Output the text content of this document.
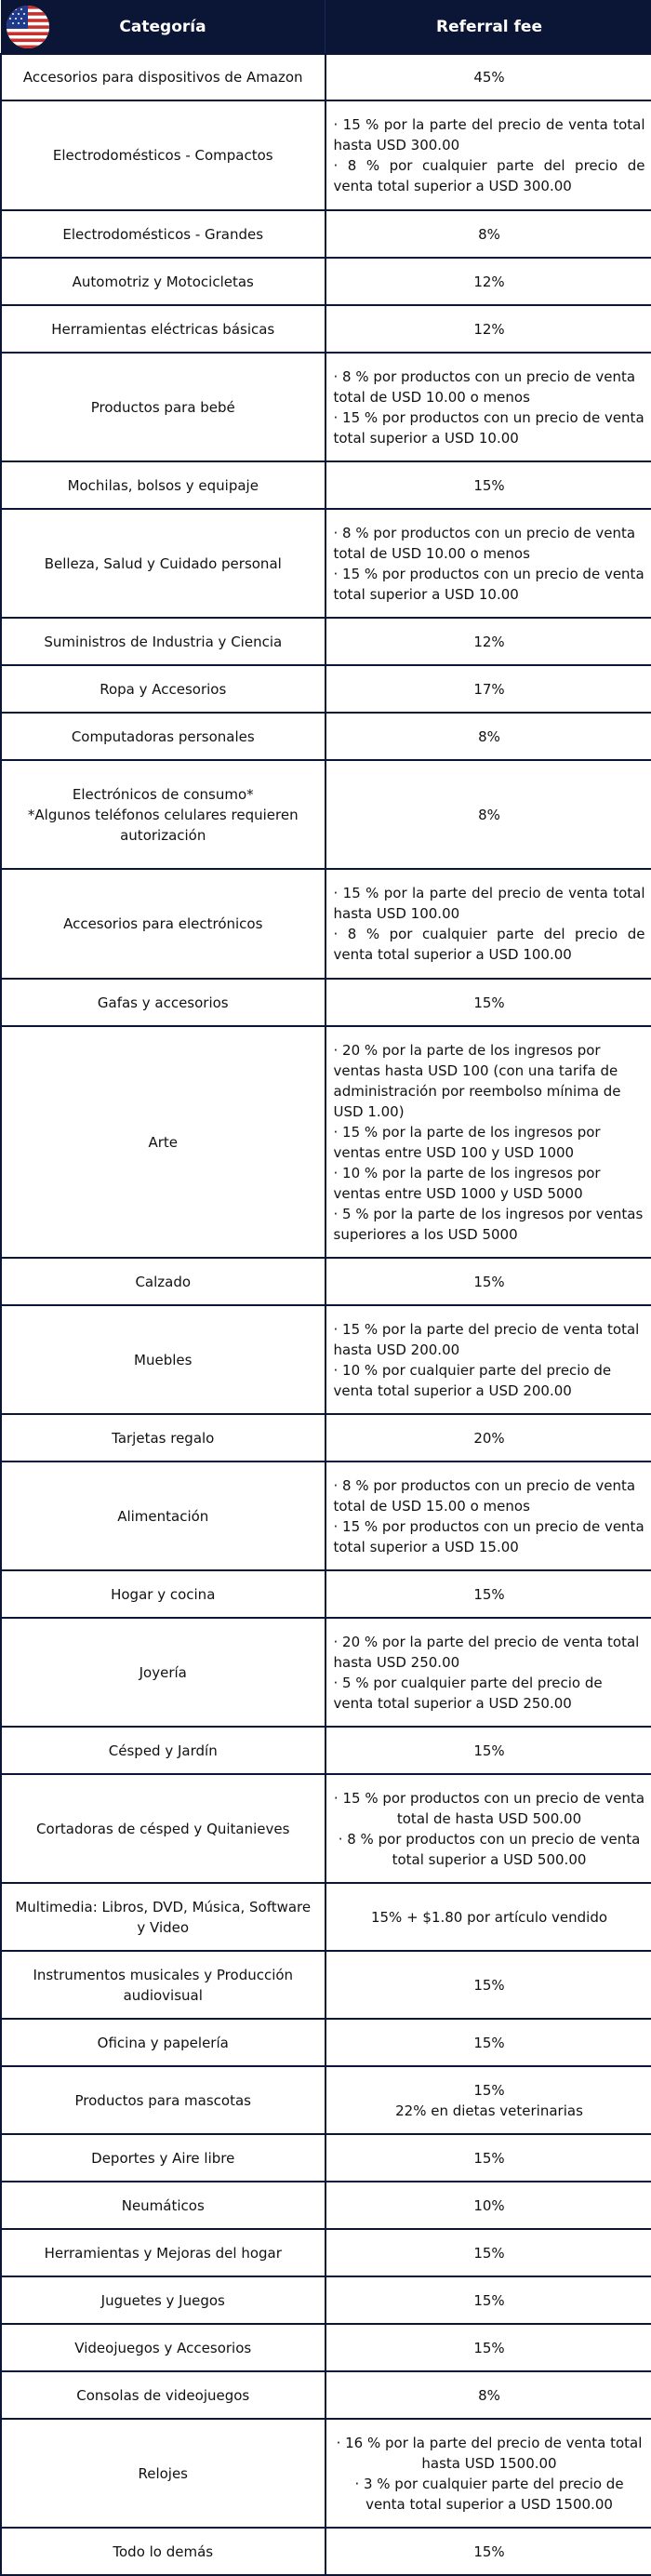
Categoría	Referral fee

Accesorios para dispositivos de Amazon	45%

Electrodomésticos - Compactos	· 15 % por la parte del precio de venta total hasta USD 300.00
· 8 % por cualquier parte del precio de venta total superior a USD 300.00

Electrodomésticos - Grandes	8%

Automotriz y Motocicletas	12%

Herramientas eléctricas básicas	12%

Productos para bebé	· 8 % por productos con un precio de venta total de USD 10.00 o menos
· 15 % por productos con un precio de venta total superior a USD 10.00

Mochilas, bolsos y equipaje	15%

Belleza, Salud y Cuidado personal	· 8 % por productos con un precio de venta total de USD 10.00 o menos
· 15 % por productos con un precio de venta total superior a USD 10.00

Suministros de Industria y Ciencia	12%

Ropa y Accesorios	17%

Computadoras personales	8%

Electrónicos de consumo*
*Algunos teléfonos celulares requieren autorización	8%

Accesorios para electrónicos	· 15 % por la parte del precio de venta total hasta USD 100.00
· 8 % por cualquier parte del precio de venta total superior a USD 100.00

Gafas y accesorios	15%

Arte	· 20 % por la parte de los ingresos por ventas hasta USD 100 (con una tarifa de administración por reembolso mínima de USD 1.00)
· 15 % por la parte de los ingresos por ventas entre USD 100 y USD 1000
· 10 % por la parte de los ingresos por ventas entre USD 1000 y USD 5000
· 5 % por la parte de los ingresos por ventas superiores a los USD 5000

Calzado	15%

Muebles	· 15 % por la parte del precio de venta total hasta USD 200.00
· 10 % por cualquier parte del precio de venta total superior a USD 200.00

Tarjetas regalo	20%

Alimentación	· 8 % por productos con un precio de venta total de USD 15.00 o menos
· 15 % por productos con un precio de venta total superior a USD 15.00

Hogar y cocina	15%

Joyería	· 20 % por la parte del precio de venta total hasta USD 250.00
· 5 % por cualquier parte del precio de venta total superior a USD 250.00

Césped y Jardín	15%

Cortadoras de césped y Quitanieves	· 15 % por productos con un precio de venta total de hasta USD 500.00
· 8 % por productos con un precio de venta total superior a USD 500.00

Multimedia: Libros, DVD, Música, Software y Video	15% + $1.80 por artículo vendido

Instrumentos musicales y Producción audiovisual	15%

Oficina y papelería	15%

Productos para mascotas	15%
22% en dietas veterinarias

Deportes y Aire libre	15%

Neumáticos	10%

Herramientas y Mejoras del hogar	15%

Juguetes y Juegos	15%

Videojuegos y Accesorios	15%

Consolas de videojuegos	8%

Relojes	· 16 % por la parte del precio de venta total hasta USD 1500.00
· 3 % por cualquier parte del precio de venta total superior a USD 1500.00

Todo lo demás	15%
